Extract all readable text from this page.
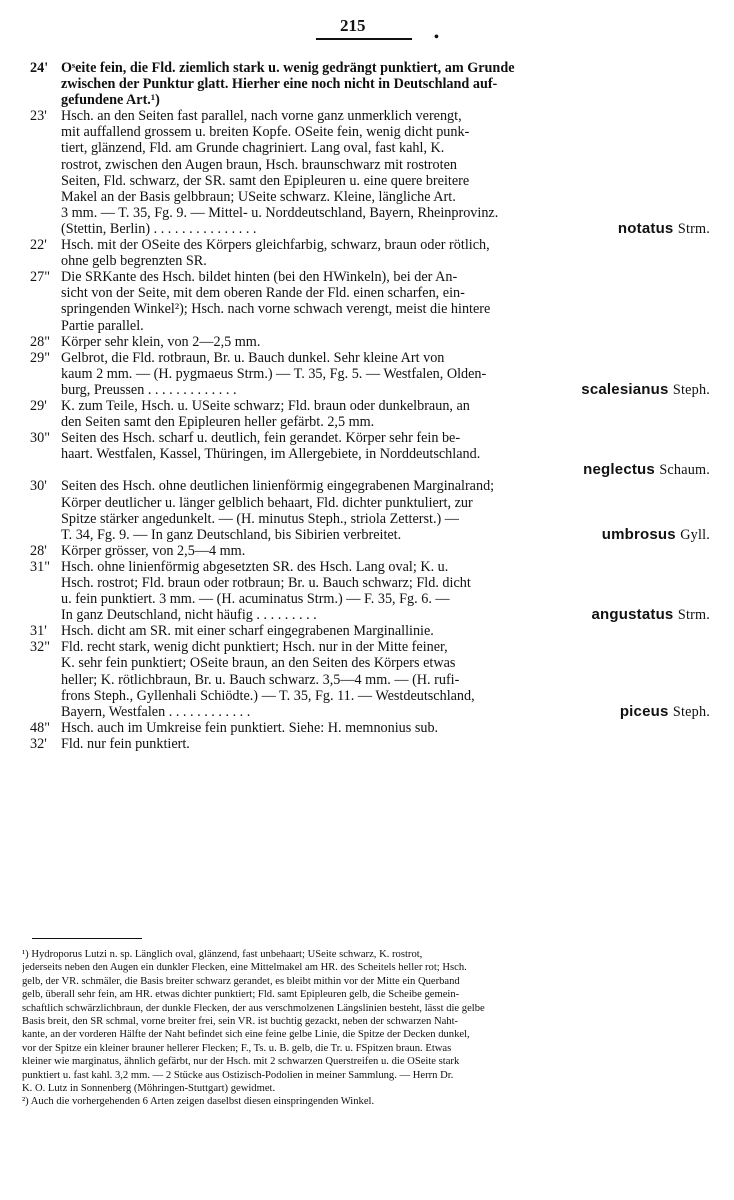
215
•
24' Oˢeite fein, die Fld. ziemlich stark u. wenig gedrängt punktiert, am Grunde
zwischen der Punktur glatt. Hierher eine noch nicht in Deutschland auf-
gefundene Art.¹)
23'	Hsch. an den Seiten fast parallel, nach vorne ganz unmerklich verengt,
mit auffallend grossem u. breiten Kopfe. OSeite fein, wenig dicht punk-
tiert, glänzend, Fld. am Grunde chagriniert. Lang oval, fast kahl, K.
rostrot, zwischen den Augen braun, Hsch. braunschwarz mit rostroten
Seiten, Fld. schwarz, der SR. samt den Epipleuren u. eine quere breitere
Makel an der Basis gelbbraun; USeite schwarz. Kleine, längliche Art.
3 mm. — T. 35, Fg. 9. — Mittel- u. Norddeutschland, Bayern, Rheinprovinz.
(Stettin, Berlin) . . . . . . . . . . . . . . .	notatus Strm.
22'	Hsch. mit der OSeite des Körpers gleichfarbig, schwarz, braun oder rötlich,
ohne gelb begrenzten SR.
27" Die SRKante des Hsch. bildet hinten (bei den HWinkeln), bei der An-
sicht von der Seite, mit dem oberen Rande der Fld. einen scharfen, ein-
springenden Winkel²); Hsch. nach vorne schwach verengt, meist die hintere
Partie parallel.
28" Körper sehr klein, von 2—2,5 mm.
29" Gelbrot, die Fld. rotbraun, Br. u. Bauch dunkel. Sehr kleine Art von
kaum 2 mm. — (H. pygmaeus Strm.) — T. 35, Fg. 5. — Westfalen, Olden-
burg, Preussen . . . . . . . . . . . . .	scalesianus Steph.
29'	K. zum Teile, Hsch. u. USeite schwarz; Fld. braun oder dunkelbraun, an
den Seiten samt den Epipleuren heller gefärbt. 2,5 mm.
30" Seiten des Hsch. scharf u. deutlich, fein gerandet. Körper sehr fein be-
haart. Westfalen, Kassel, Thüringen, im Allergebiete, in Norddeutschland.
neglectus Schaum.
30'	Seiten des Hsch. ohne deutlichen linienförmig eingegrabenen Marginalrand;
Körper deutlicher u. länger gelblich behaart, Fld. dichter punktuliert, zur
Spitze stärker angedunkelt. — (H. minutus Steph., striola Zetterst.) —
T. 34, Fg. 9. — In ganz Deutschland, bis Sibirien verbreitet.	umbrosus Gyll.
28'	Körper grösser, von 2,5—4 mm.
31" Hsch. ohne linienförmig abgesetzten SR. des Hsch. Lang oval; K. u.
Hsch. rostrot; Fld. braun oder rotbraun; Br. u. Bauch schwarz; Fld. dicht
u. fein punktiert. 3 mm. — (H. acuminatus Strm.) — F. 35, Fg. 6. —
In ganz Deutschland, nicht häufig . . . . . . . . .	angustatus Strm.
31'	Hsch. dicht am SR. mit einer scharf eingegrabenen Marginallinie.
32" Fld. recht stark, wenig dicht punktiert; Hsch. nur in der Mitte feiner,
K. sehr fein punktiert; OSeite braun, an den Seiten des Körpers etwas
heller; K. rötlichbraun, Br. u. Bauch schwarz. 3,5—4 mm. — (H. rufi-
frons Steph., Gyllenhali Schiödte.) — T. 35, Fg. 11. — Westdeutschland,
Bayern, Westfalen . . . . . . . . . . . .	piceus Steph.
48" Hsch. auch im Umkreise fein punktiert. Siehe: H. memnonius sub.
32'	Fld. nur fein punktiert.
¹) Hydroporus Lutzi n. sp. Länglich oval, glänzend, fast unbehaart; USeite schwarz, K. rostrot,
jederseits neben den Augen ein dunkler Flecken, eine Mittelmakel am HR. des Scheitels heller rot; Hsch.
gelb, der VR. schmäler, die Basis breiter schwarz gerandet, es bleibt mithin vor der Mitte ein Querband
gelb, überall sehr fein, am HR. etwas dichter punktiert; Fld. samt Epipleuren gelb, die Scheibe gemein-
schaftlich schwärzlichbraun, der dunkle Flecken, der aus verschmolzenen Längslinien besteht, lässt die gelbe
Basis breit, den SR schmal, vorne breiter frei, sein VR. ist buchtig gezackt, neben der schwarzen Naht-
kante, an der vorderen Hälfte der Naht befindet sich eine feine gelbe Linie, die Spitze der Decken dunkel,
vor der Spitze ein kleiner brauner hellerer Flecken; F., Ts. u. B. gelb, die Tr. u. FSpitzen braun. Etwas
kleiner wie marginatus, ähnlich gefärbt, nur der Hsch. mit 2 schwarzen Querstreifen u. die OSeite stark
punktiert u. fast kahl. 3,2 mm. — 2 Stücke aus Ostizisch-Podolien in meiner Sammlung. — Herrn Dr.
K. O. Lutz in Sonnenberg (Möhringen-Stuttgart) gewidmet.
²) Auch die vorhergehenden 6 Arten zeigen daselbst diesen einspringenden Winkel.
